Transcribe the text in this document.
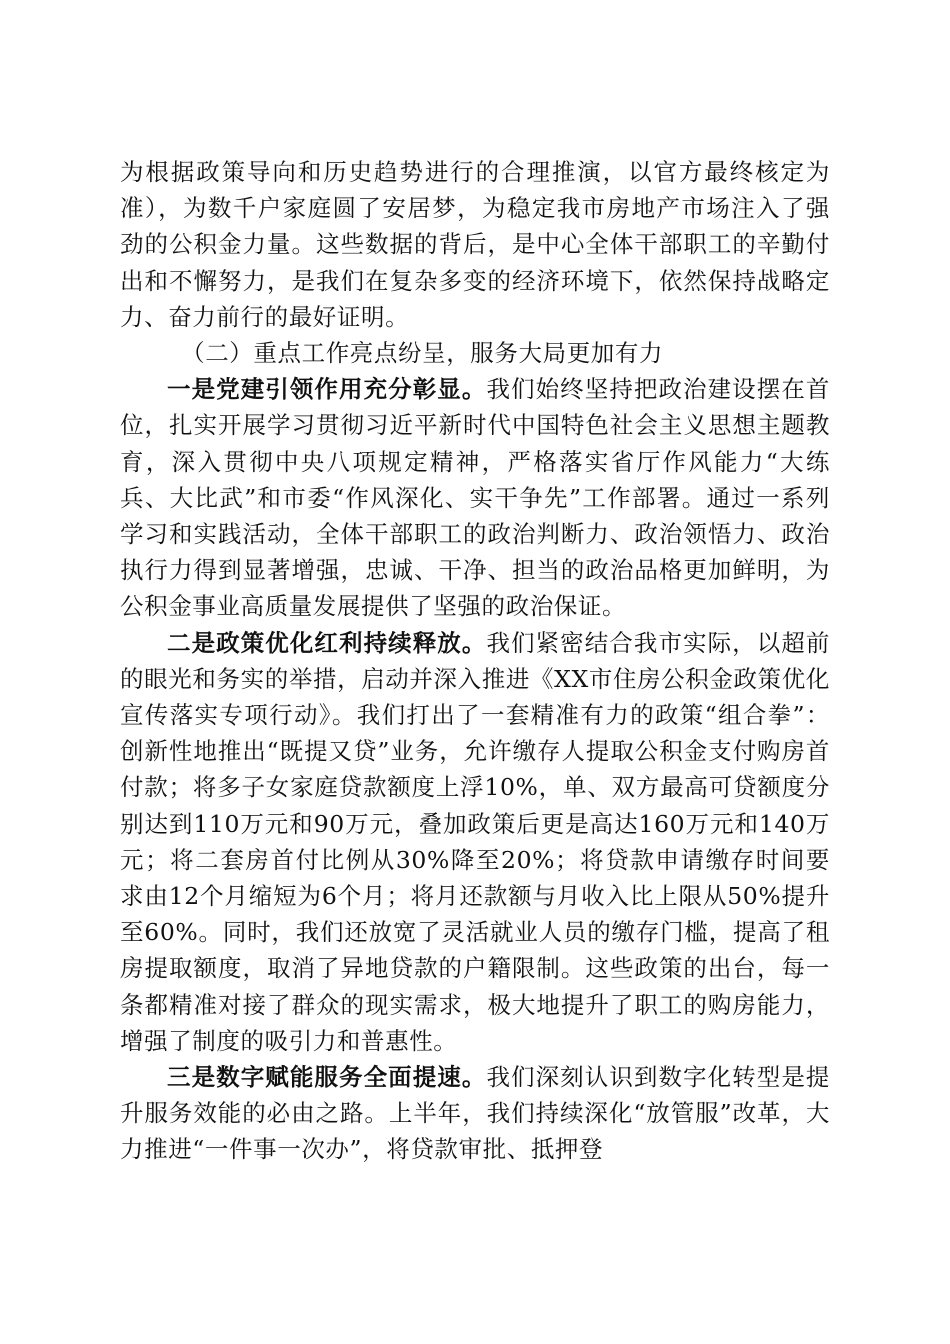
为根据政策导向和历史趋势进行的合理推演，以官方最终核定为准），为数千户家庭圆了安居梦，为稳定我市房地产市场注入了强劲的公积金力量。这些数据的背后，是中心全体干部职工的辛勤付出和不懈努力，是我们在复杂多变的经济环境下，依然保持战略定力、奋力前行的最好证明。

（二）重点工作亮点纷呈，服务大局更加有力

一是党建引领作用充分彰显。我们始终坚持把政治建设摆在首位，扎实开展学习贯彻习近平新时代中国特色社会主义思想主题教育，深入贯彻中央八项规定精神，严格落实省厅作风能力“大练兵、大比武”和市委“作风深化、实干争先”工作部署。通过一系列学习和实践活动，全体干部职工的政治判断力、政治领悟力、政治执行力得到显著增强，忠诚、干净、担当的政治品格更加鲜明，为公积金事业高质量发展提供了坚强的政治保证。

二是政策优化红利持续释放。我们紧密结合我市实际，以超前的眼光和务实的举措，启动并深入推进《XX市住房公积金政策优化宣传落实专项行动》。我们打出了一套精准有力的政策“组合拳”：创新性地推出“既提又贷”业务，允许缴存人提取公积金支付购房首付款；将多子女家庭贷款额度上浮10%，单、双方最高可贷额度分别达到110万元和90万元，叠加政策后更是高达160万元和140万元；将二套房首付比例从30%降至20%；将贷款申请缴存时间要求由12个月缩短为6个月；将月还款额与月收入比上限从50%提升至60%。同时，我们还放宽了灵活就业人员的缴存门槛，提高了租房提取额度，取消了异地贷款的户籍限制。这些政策的出台，每一条都精准对接了群众的现实需求，极大地提升了职工的购房能力，增强了制度的吸引力和普惠性。

三是数字赋能服务全面提速。我们深刻认识到数字化转型是提升服务效能的必由之路。上半年，我们持续深化“放管服”改革，大力推进“一件事一次办”，将贷款审批、抵押登
